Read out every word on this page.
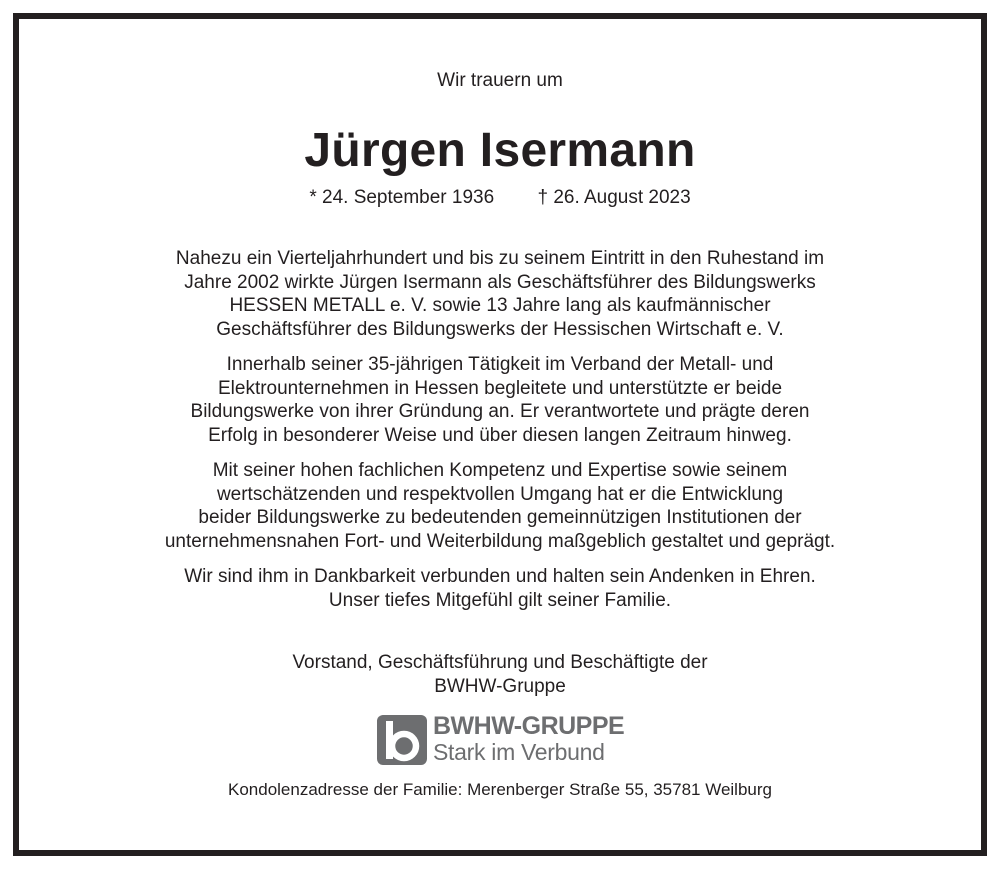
Wir trauern um
Jürgen Isermann
* 24. September 1936 † 26. August 2023
Nahezu ein Vierteljahrhundert und bis zu seinem Eintritt in den Ruhestand im
Jahre 2002 wirkte Jürgen Isermann als Geschäftsführer des Bildungswerks
HESSEN METALL e. V. sowie 13 Jahre lang als kaufmännischer
Geschäftsführer des Bildungswerks der Hessischen Wirtschaft e. V.
Innerhalb seiner 35-jährigen Tätigkeit im Verband der Metall- und
Elektrounternehmen in Hessen begleitete und unterstützte er beide
Bildungswerke von ihrer Gründung an. Er verantwortete und prägte deren
Erfolg in besonderer Weise und über diesen langen Zeitraum hinweg.
Mit seiner hohen fachlichen Kompetenz und Expertise sowie seinem
wertschätzenden und respektvollen Umgang hat er die Entwicklung
beider Bildungswerke zu bedeutenden gemeinnützigen Institutionen der
unternehmensnahen Fort- und Weiterbildung maßgeblich gestaltet und geprägt.
Wir sind ihm in Dankbarkeit verbunden und halten sein Andenken in Ehren.
Unser tiefes Mitgefühl gilt seiner Familie.
Vorstand, Geschäftsführung und Beschäftigte der
BWHW-Gruppe
BWHW-GRUPPE
Stark im Verbund
Kondolenzadresse der Familie: Merenberger Straße 55, 35781 Weilburg
